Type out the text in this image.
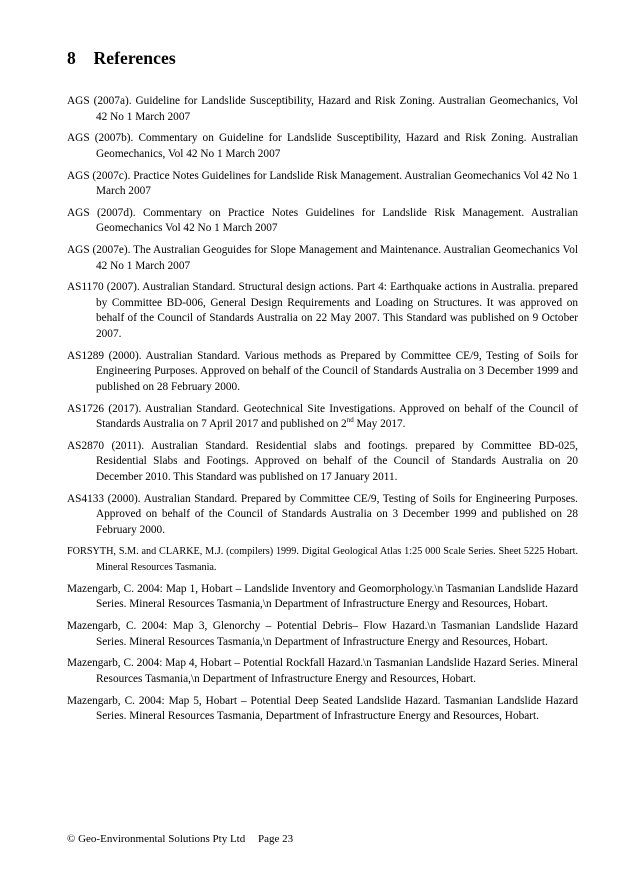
8 References

AGS (2007a). Guideline for Landslide Susceptibility, Hazard and Risk Zoning. Australian Geomechanics, Vol 42 No 1 March 2007

AGS (2007b). Commentary on Guideline for Landslide Susceptibility, Hazard and Risk Zoning. Australian Geomechanics, Vol 42 No 1 March 2007

AGS (2007c). Practice Notes Guidelines for Landslide Risk Management. Australian Geomechanics Vol 42 No 1 March 2007

AGS (2007d). Commentary on Practice Notes Guidelines for Landslide Risk Management. Australian Geomechanics Vol 42 No 1 March 2007

AGS (2007e). The Australian Geoguides for Slope Management and Maintenance. Australian Geomechanics Vol 42 No 1 March 2007

AS1170 (2007). Australian Standard. Structural design actions. Part 4: Earthquake actions in Australia. prepared by Committee BD-006, General Design Requirements and Loading on Structures. It was approved on behalf of the Council of Standards Australia on 22 May 2007. This Standard was published on 9 October 2007.

AS1289 (2000). Australian Standard. Various methods as Prepared by Committee CE/9, Testing of Soils for Engineering Purposes. Approved on behalf of the Council of Standards Australia on 3 December 1999 and published on 28 February 2000.

AS1726 (2017). Australian Standard. Geotechnical Site Investigations. Approved on behalf of the Council of Standards Australia on 7 April 2017 and published on 2nd May 2017.

AS2870 (2011). Australian Standard. Residential slabs and footings. prepared by Committee BD-025, Residential Slabs and Footings. Approved on behalf of the Council of Standards Australia on 20 December 2010. This Standard was published on 17 January 2011.

AS4133 (2000). Australian Standard. Prepared by Committee CE/9, Testing of Soils for Engineering Purposes. Approved on behalf of the Council of Standards Australia on 3 December 1999 and published on 28 February 2000.

FORSYTH, S.M. and CLARKE, M.J. (compilers) 1999. Digital Geological Atlas 1:25 000 Scale Series. Sheet 5225 Hobart. Mineral Resources Tasmania.

Mazengarb, C. 2004: Map 1, Hobart – Landslide Inventory and Geomorphology.\n Tasmanian Landslide Hazard Series. Mineral Resources Tasmania,\n Department of Infrastructure Energy and Resources, Hobart.

Mazengarb, C. 2004: Map 3, Glenorchy – Potential Debris– Flow Hazard.\n Tasmanian Landslide Hazard Series. Mineral Resources Tasmania,\n Department of Infrastructure Energy and Resources, Hobart.

Mazengarb, C. 2004: Map 4, Hobart – Potential Rockfall Hazard.\n Tasmanian Landslide Hazard Series. Mineral Resources Tasmania,\n Department of Infrastructure Energy and Resources, Hobart.

Mazengarb, C. 2004: Map 5, Hobart – Potential Deep Seated Landslide Hazard. Tasmanian Landslide Hazard Series. Mineral Resources Tasmania, Department of Infrastructure Energy and Resources, Hobart.

© Geo-Environmental Solutions Pty Ltd Page 23
